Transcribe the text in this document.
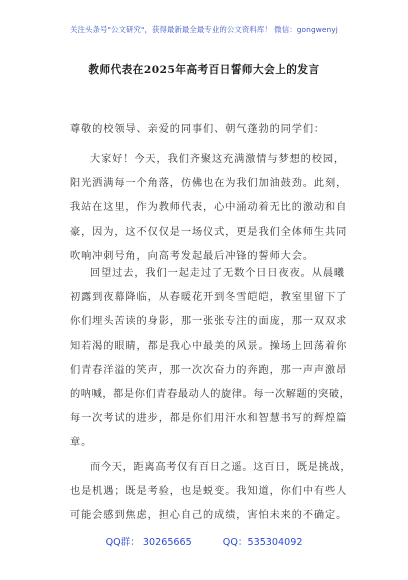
关注头条号"公文研究"，获得最新最全最专业的公文资料库！ 微信：gongwenyj
教师代表在2025年高考百日誓师大会上的发言
尊敬的校领导、亲爱的同事们、朝气蓬勃的同学们：
大家好！今天，我们齐聚这充满激情与梦想的校园，
阳光洒满每一个角落，仿佛也在为我们加油鼓劲。此刻，
我站在这里，作为教师代表，心中涌动着无比的激动和自
豪，因为，这不仅仅是一场仪式，更是我们全体师生共同
吹响冲刺号角，向高考发起最后冲锋的誓师大会。
回望过去，我们一起走过了无数个日日夜夜。从晨曦
初露到夜幕降临，从春暖花开到冬雪皑皑，教室里留下了
你们埋头苦读的身影，那一张张专注的面庞，那一双双求
知若渴的眼睛，都是我心中最美的风景。操场上回荡着你
们青春洋溢的笑声，那一次次奋力的奔跑，那一声声激昂
的呐喊，都是你们青春最动人的旋律。每一次解题的突破，
每一次考试的进步，都是你们用汗水和智慧书写的辉煌篇
章。
而今天，距离高考仅有百日之遥。这百日，既是挑战，
也是机遇；既是考验，也是蜕变。我知道，你们中有些人
可能会感到焦虑，担心自己的成绩，害怕未来的不确定。
QQ群： 30265665	QQ：535304092
